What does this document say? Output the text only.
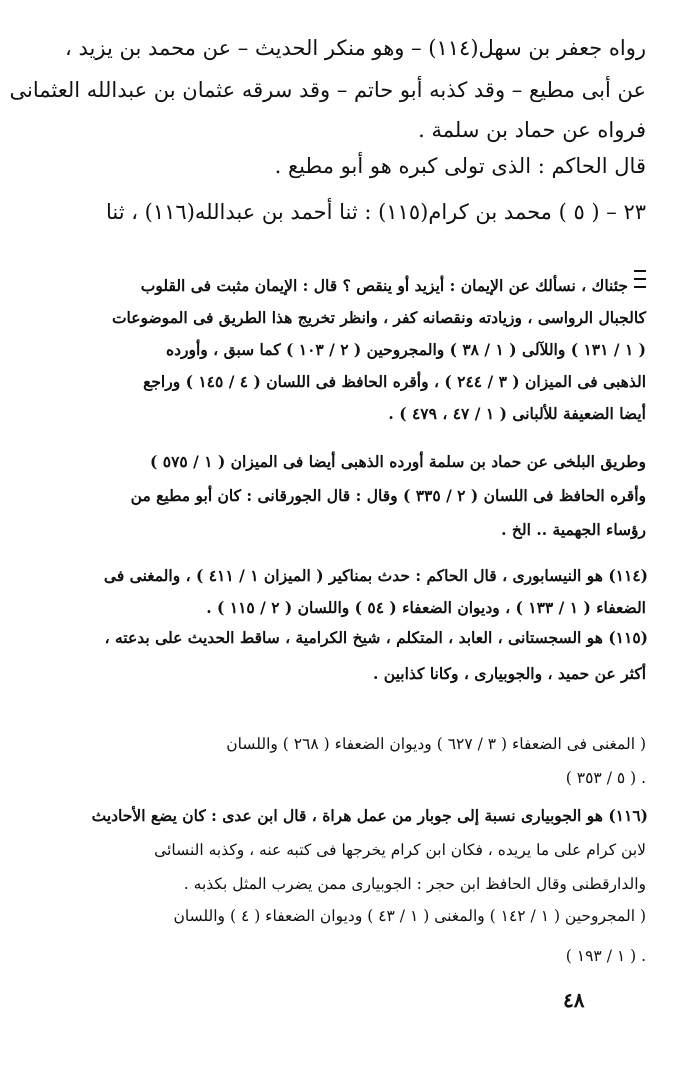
رواه جعفر بن سهل(١١٤) – وهو منكر الحديث – عن محمد بن يزيد ،
عن أبى مطيع – وقد كذبه أبو حاتم – وقد سرقه عثمان بن عبدالله العثمانى
فرواه عن حماد بن سلمة .
قال الحاكم : الذى تولى كبره هو أبو مطيع .
٢٣ – ( ٥ ) محمد بن كرام(١١٥) : ثنا أحمد بن عبدالله(١١٦) ، ثنا
جئناك ، نسألك عن الإيمان : أيزيد أو ينقص ؟ قال : الإيمان مثبت فى القلوب
كالجبال الرواسى ، وزيادته ونقصانه كفر ، وانظر تخريج هذا الطريق فى الموضوعات
( ١ / ١٣١ ) واللآلى ( ١ / ٣٨ ) والمجروحين ( ٢ / ١٠٣ ) كما سبق ، وأورده
الذهبى فى الميزان ( ٣ / ٢٤٤ ) ، وأقره الحافظ فى اللسان ( ٤ / ١٤٥ ) وراجع
أيضا الضعيفة للألبانى ( ١ / ٤٧ ، ٤٧٩ ) .
وطريق البلخى عن حماد بن سلمة أورده الذهبى أيضا فى الميزان ( ١ / ٥٧٥ )
وأقره الحافظ فى اللسان ( ٢ / ٣٣٥ ) وقال : قال الجورقانى : كان أبو مطيع من
رؤساء الجهمية .. الخ .
(١١٤) هو النيسابورى ، قال الحاكم : حدث بمناكير ( الميزان ١ / ٤١١ ) ، والمغنى فى
الضعفاء ( ١ / ١٣٣ ) ، وديوان الضعفاء ( ٥٤ ) واللسان ( ٢ / ١١٥ ) .
(١١٥) هو السجستانى ، العابد ، المتكلم ، شيخ الكرامية ، ساقط الحديث على بدعته ،
أكثر عن حميد ، والجوبيارى ، وكانا كذابين .
( المغنى فى الضعفاء ( ٣ / ٦٢٧ ) وديوان الضعفاء ( ٢٦٨ ) واللسان
( ٥ / ٣٥٣ ) .
(١١٦) هو الجوبيارى نسبة إلى جوبار من عمل هراة ، قال ابن عدى : كان يضع الأحاديث
لابن كرام على ما يريده ، فكان ابن كرام يخرجها فى كتبه عنه ، وكذبه النسائى
والدارقطنى وقال الحافظ ابن حجر : الجوبيارى ممن يضرب المثل بكذبه .
( المجروحين ( ١ / ١٤٢ ) والمغنى ( ١ / ٤٣ ) وديوان الضعفاء ( ٤ ) واللسان
( ١ / ١٩٣ ) .
٤٨
